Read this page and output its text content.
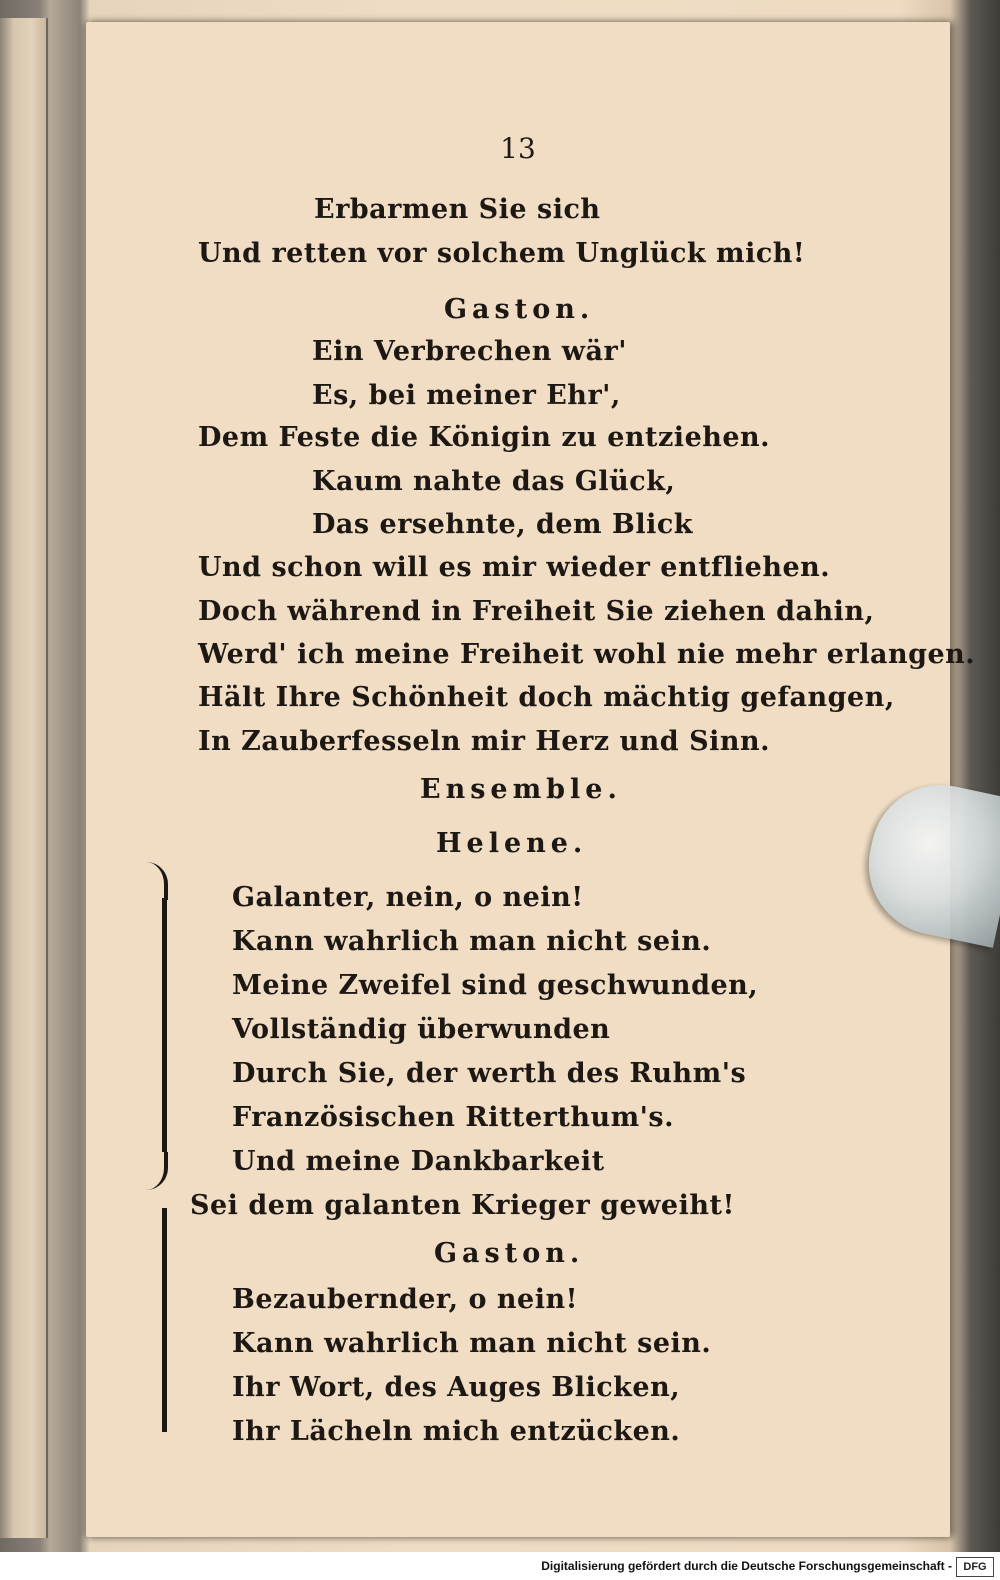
13
Erbarmen Sie sich
Und retten vor solchem Unglück mich!
Gaston.
Ein Verbrechen wär'
Es, bei meiner Ehr',
Dem Feste die Königin zu entziehen.
Kaum nahte das Glück,
Das ersehnte, dem Blick
Und schon will es mir wieder entfliehen.
Doch während in Freiheit Sie ziehen dahin,
Werd' ich meine Freiheit wohl nie mehr erlangen.
Hält Ihre Schönheit doch mächtig gefangen,
In Zauberfesseln mir Herz und Sinn.
Ensemble.
Helene.
Galanter, nein, o nein!
Kann wahrlich man nicht sein.
Meine Zweifel sind geschwunden,
Vollständig überwunden
Durch Sie, der werth des Ruhm's
Französischen Ritterthum's.
Und meine Dankbarkeit
Sei dem galanten Krieger geweiht!
Gaston.
Bezaubernder, o nein!
Kann wahrlich man nicht sein.
Ihr Wort, des Auges Blicken,
Ihr Lächeln mich entzücken.

Digitalisierung gefördert durch die Deutsche Forschungsgemeinschaft -	DFG
